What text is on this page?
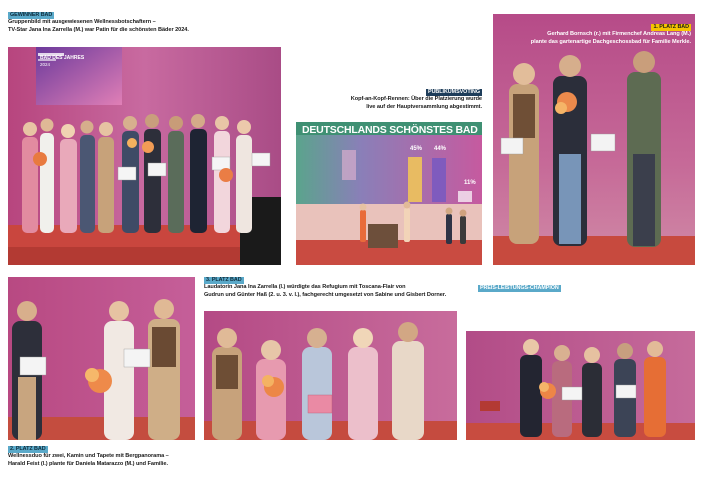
DEUTSCHLANDS SCHÖNSTES BAD
45% 44%
11%
GEWINNER BAD
Gruppenbild mit ausgewiesenen Wellnessbotschaftern –
TV-Star Jana Ina Zarrella (M.) war Patin für die schönsten Bäder 2024.
PUBLIKUMSVOTING
Kopf-an-Kopf-Rennen: Über die Platzierung wurde
live auf der Hauptversammlung abgestimmt.
1. PLATZ BAD
Gerhard Bornsch (r.) mit Firmenchef Andreas Lang (M.)
plante das gartenartige Dachgeschossbad für Familie Merkle.
2. PLATZ BAD
Wellnessduo für zwei, Kamin und Tapete mit Bergpanorama –
Harald Feist (l.) plante für Daniela Matarazzo (M.) und Familie.
3. PLATZ BAD
Laudatorin Jana Ina Zarrella (l.) würdigte das Refugium mit Toscana-Flair von
Gudrun und Günter Haß (2. u. 3. v. l.), fachgerecht umgesetzt von Sabine und Gisbert Dorner.
PREIS-LEISTUNGS-CHAMPION
Stefanie Fiebler (2. v. l.) kam dank Eigenleistung zu ihrem Traumbad, realisiert
von Doris Bandis (M.) und Andreas Lorenz (2. v. r.). Es gratulierten Laudatorin
Mirja Boes (l.) und Moderatorin Katrin Müller-Hohenstein (r.).
BAD DES JAHRES
2024
